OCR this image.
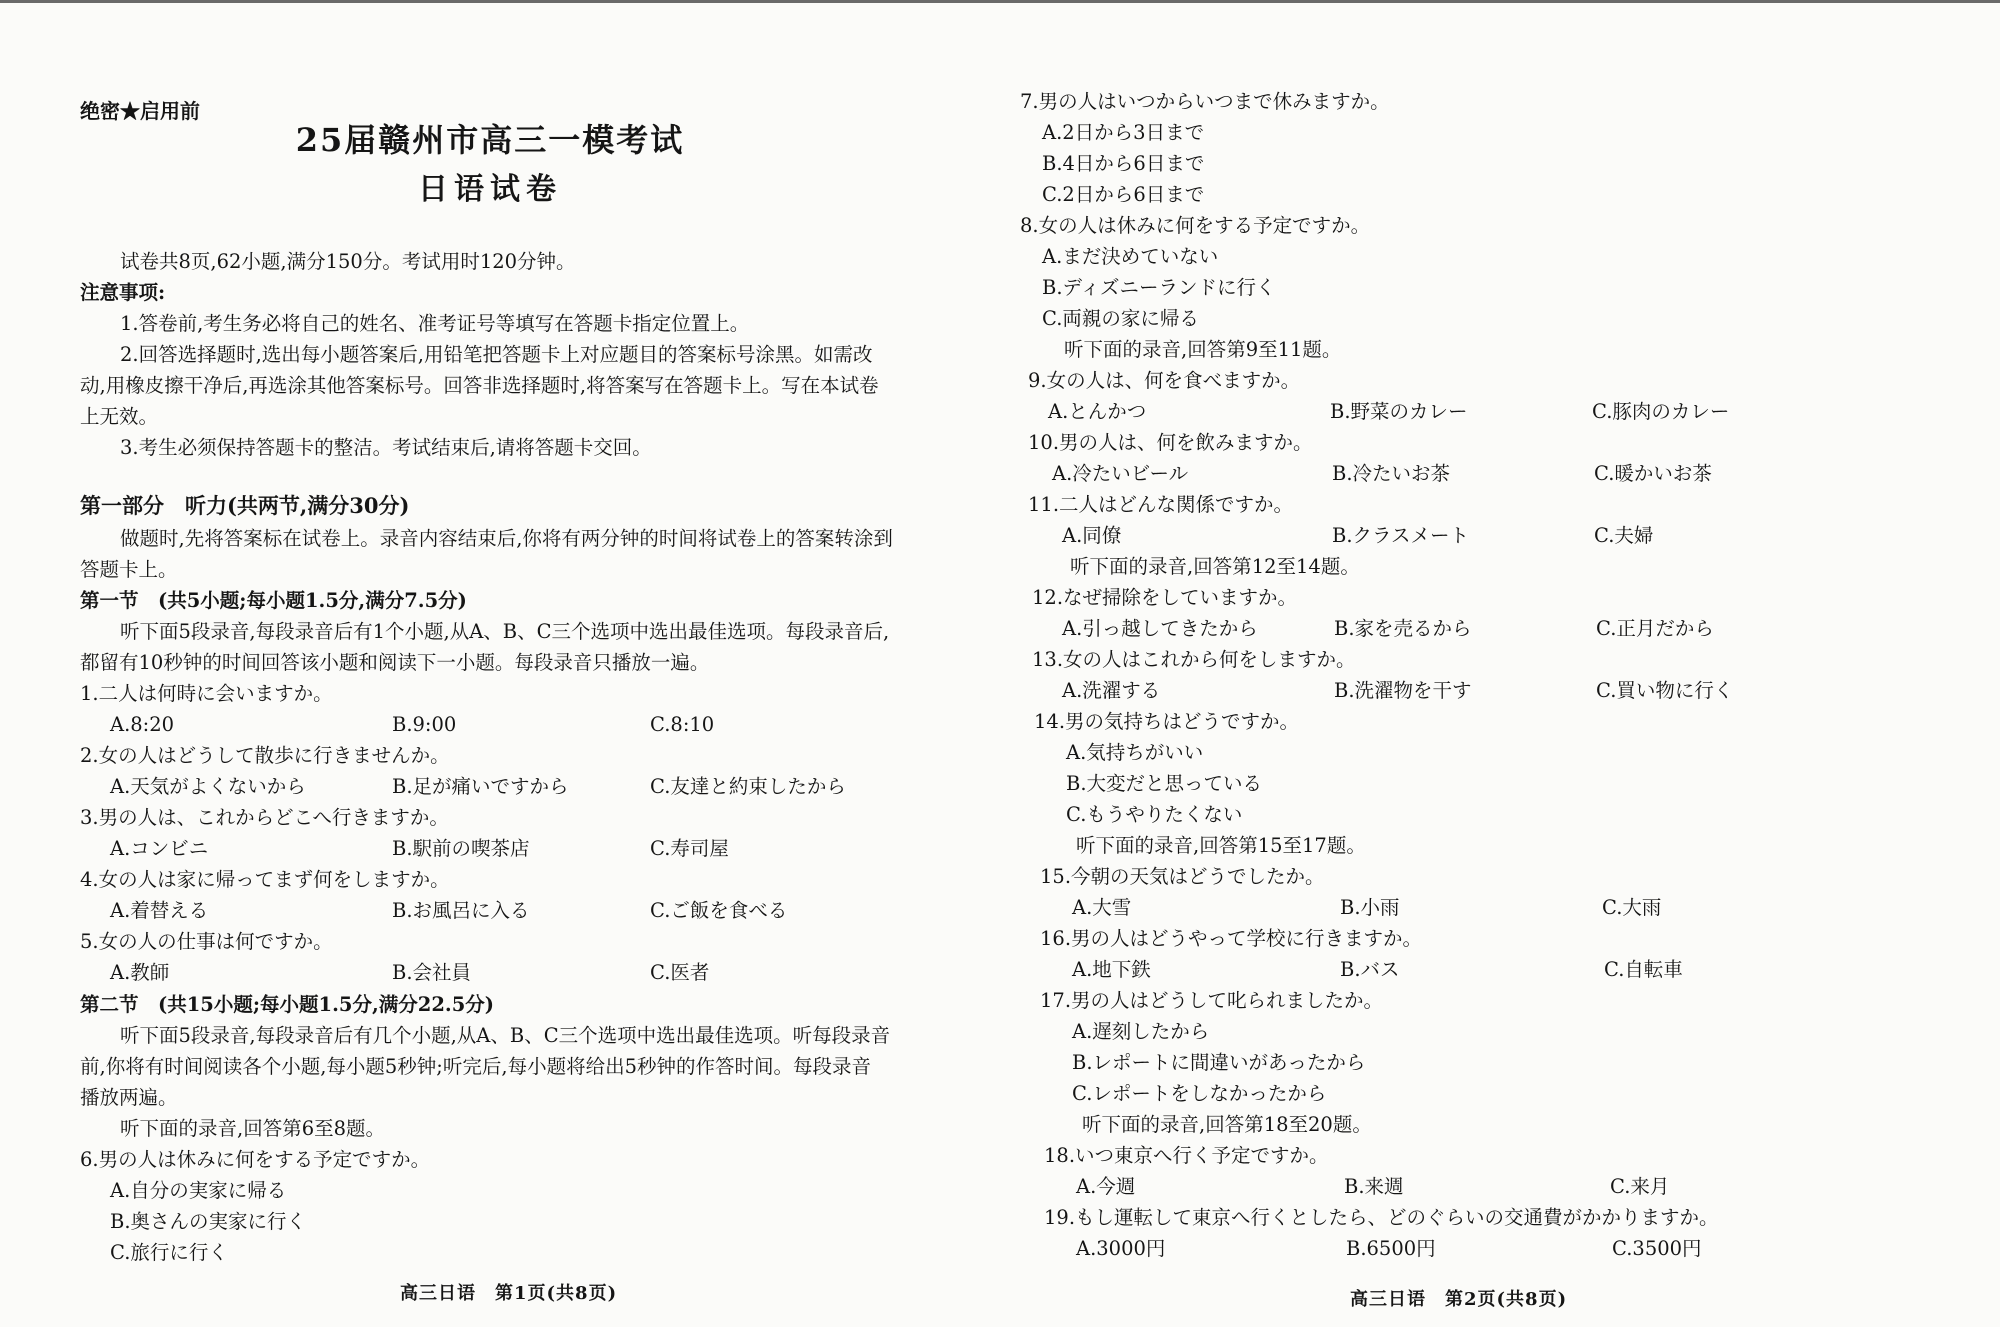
绝密★启用前
25届赣州市高三一模考试
日语试卷
试卷共8页,62小题,满分150分。考试用时120分钟。
注意事项:
1.答卷前,考生务必将自己的姓名、准考证号等填写在答题卡指定位置上。
2.回答选择题时,选出每小题答案后,用铅笔把答题卡上对应题目的答案标号涂黑。如需改
动,用橡皮擦干净后,再选涂其他答案标号。回答非选择题时,将答案写在答题卡上。写在本试卷
上无效。
3.考生必须保持答题卡的整洁。考试结束后,请将答题卡交回。
第一部分　听力(共两节,满分30分)
做题时,先将答案标在试卷上。录音内容结束后,你将有两分钟的时间将试卷上的答案转涂到
答题卡上。
第一节　(共5小题;每小题1.5分,满分7.5分)
听下面5段录音,每段录音后有1个小题,从A、B、C三个选项中选出最佳选项。每段录音后,
都留有10秒钟的时间回答该小题和阅读下一小题。每段录音只播放一遍。
1.二人は何時に会いますか。
A.8:20	B.9:00	C.8:10
2.女の人はどうして散歩に行きませんか。
A.天気がよくないから	B.足が痛いですから	C.友達と約束したから
3.男の人は、これからどこへ行きますか。
A.コンビニ	B.駅前の喫茶店	C.寿司屋
4.女の人は家に帰ってまず何をしますか。
A.着替える	B.お風呂に入る	C.ご飯を食べる
5.女の人の仕事は何ですか。
A.教師	B.会社員	C.医者
第二节　(共15小题;每小题1.5分,满分22.5分)
听下面5段录音,每段录音后有几个小题,从A、B、C三个选项中选出最佳选项。听每段录音
前,你将有时间阅读各个小题,每小题5秒钟;听完后,每小题将给出5秒钟的作答时间。每段录音
播放两遍。
听下面的录音,回答第6至8题。
6.男の人は休みに何をする予定ですか。
A.自分の実家に帰る
B.奥さんの実家に行く
C.旅行に行く
高三日语　第1页(共8页)
7.男の人はいつからいつまで休みますか。
A.2日から3日まで
B.4日から6日まで
C.2日から6日まで
8.女の人は休みに何をする予定ですか。
A.まだ決めていない
B.ディズニーランドに行く
C.両親の家に帰る
听下面的录音,回答第9至11题。
9.女の人は、何を食べますか。
A.とんかつ	B.野菜のカレー	C.豚肉のカレー
10.男の人は、何を飲みますか。
A.冷たいビール	B.冷たいお茶	C.暖かいお茶
11.二人はどんな関係ですか。
A.同僚	B.クラスメート	C.夫婦
听下面的录音,回答第12至14题。
12.なぜ掃除をしていますか。
A.引っ越してきたから	B.家を売るから	C.正月だから
13.女の人はこれから何をしますか。
A.洗濯する	B.洗濯物を干す	C.買い物に行く
14.男の気持ちはどうですか。
A.気持ちがいい
B.大変だと思っている
C.もうやりたくない
听下面的录音,回答第15至17题。
15.今朝の天気はどうでしたか。
A.大雪	B.小雨	C.大雨
16.男の人はどうやって学校に行きますか。
A.地下鉄	B.バス	C.自転車
17.男の人はどうして叱られましたか。
A.遅刻したから
B.レポートに間違いがあったから
C.レポートをしなかったから
听下面的录音,回答第18至20题。
18.いつ東京へ行く予定ですか。
A.今週	B.来週	C.来月
19.もし運転して東京へ行くとしたら、どのぐらいの交通費がかかりますか。
A.3000円	B.6500円	C.3500円
高三日语　第2页(共8页)
